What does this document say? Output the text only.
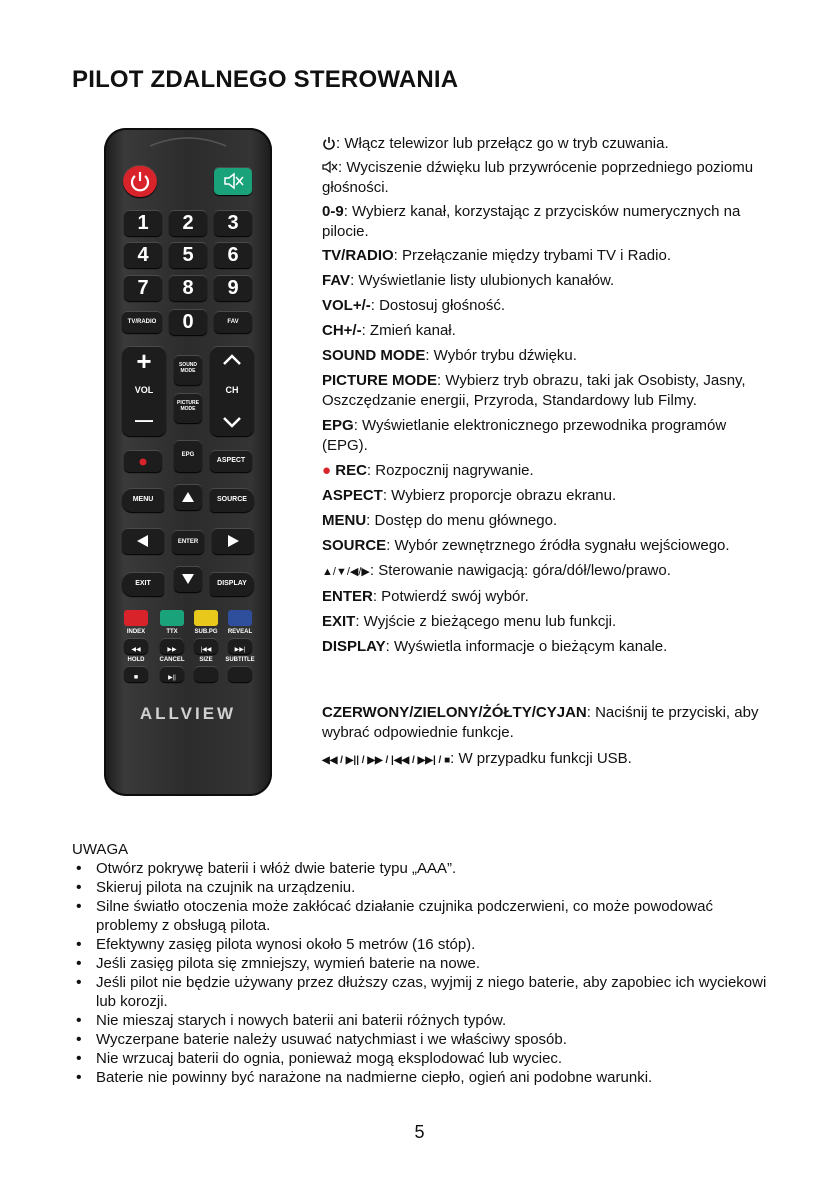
PILOT ZDALNEGO STEROWANIA
1	2	3
4	5	6
7	8	9
TV/RADIO	0	FAV
+
VOL
—
SOUND MODE
PICTURE MODE
CH
EPG
ASPECT
MENU	SOURCE
ENTER
EXIT	DISPLAY
INDEX	TTX	SUB.PG	REVEAL
◀◀	▶▶	|◀◀	▶▶|
HOLD	CANCEL	SIZE	SUBTITLE
■	▶||
ALLVIEW

: Włącz telewizor lub przełącz go w tryb czuwania.

: Wyciszenie dźwięku lub przywrócenie poprzedniego poziomu głośności.

0-9: Wybierz kanał, korzystając z przycisków numerycznych na pilocie.

TV/RADIO: Przełączanie między trybami TV i Radio.

FAV: Wyświetlanie listy ulubionych kanałów.

VOL+/-: Dostosuj głośność.

CH+/-: Zmień kanał.

SOUND MODE: Wybór trybu dźwięku.

PICTURE MODE: Wybierz tryb obrazu, taki jak Osobisty, Jasny, Oszczędzanie energii, Przyroda, Standardowy lub Filmy.

EPG: Wyświetlanie elektronicznego przewodnika programów (EPG).

● REC: Rozpocznij nagrywanie.

ASPECT: Wybierz proporcje obrazu ekranu.

MENU: Dostęp do menu głównego.

SOURCE: Wybór zewnętrznego źródła sygnału wejściowego.

▲/▼/◀/▶: Sterowanie nawigacją: góra/dół/lewo/prawo.

ENTER: Potwierdź swój wybór.

EXIT: Wyjście z bieżącego menu lub funkcji.

DISPLAY: Wyświetla informacje o bieżącym kanale.

CZERWONY/ZIELONY/ŻÓŁTY/CYJAN: Naciśnij te przyciski, aby wybrać odpowiednie funkcje.

◀◀ / ▶|| / ▶▶ / |◀◀ / ▶▶| / ■: W przypadku funkcji USB.

UWAGA
• Otwórz pokrywę baterii i włóż dwie baterie typu „AAA”.
• Skieruj pilota na czujnik na urządzeniu.
• Silne światło otoczenia może zakłócać działanie czujnika podczerwieni, co może powodować problemy z obsługą pilota.
• Efektywny zasięg pilota wynosi około 5 metrów (16 stóp).
• Jeśli zasięg pilota się zmniejszy, wymień baterie na nowe.
• Jeśli pilot nie będzie używany przez dłuższy czas, wyjmij z niego baterie, aby zapobiec ich wyciekowi lub korozji.
• Nie mieszaj starych i nowych baterii ani baterii różnych typów.
• Wyczerpane baterie należy usuwać natychmiast i we właściwy sposób.
• Nie wrzucaj baterii do ognia, ponieważ mogą eksplodować lub wyciec.
• Baterie nie powinny być narażone na nadmierne ciepło, ogień ani podobne warunki.
5
